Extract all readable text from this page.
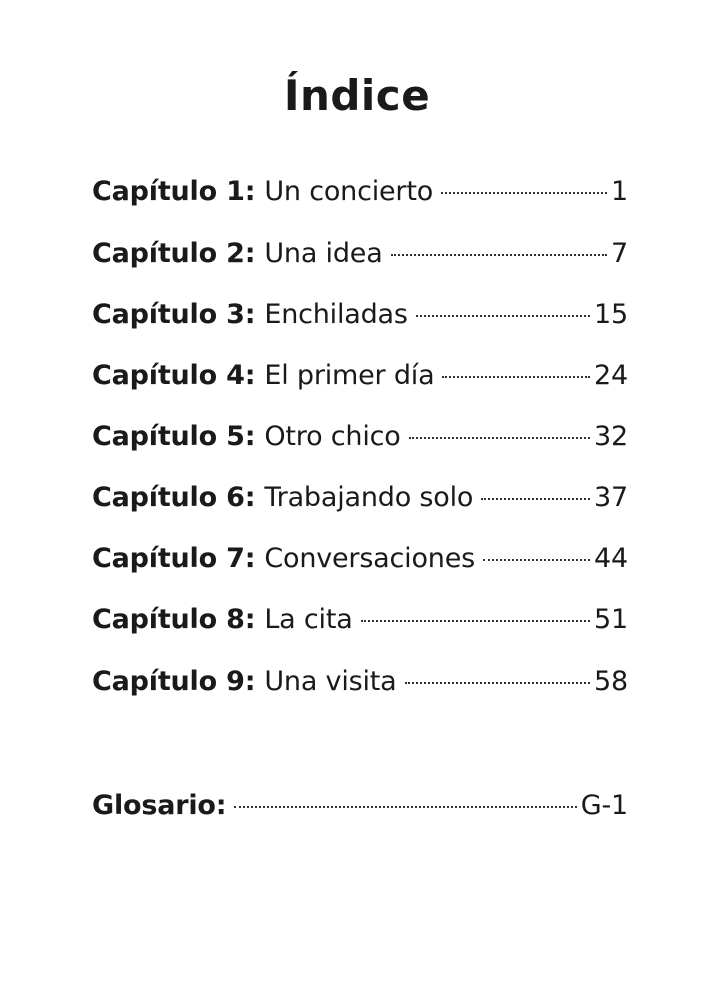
Índice
Capítulo 1: Un concierto	1
Capítulo 2: Una idea	7
Capítulo 3: Enchiladas	15
Capítulo 4: El primer día	24
Capítulo 5: Otro chico	32
Capítulo 6: Trabajando solo	37
Capítulo 7: Conversaciones	44
Capítulo 8: La cita	51
Capítulo 9: Una visita	58
Glosario:	G-1
